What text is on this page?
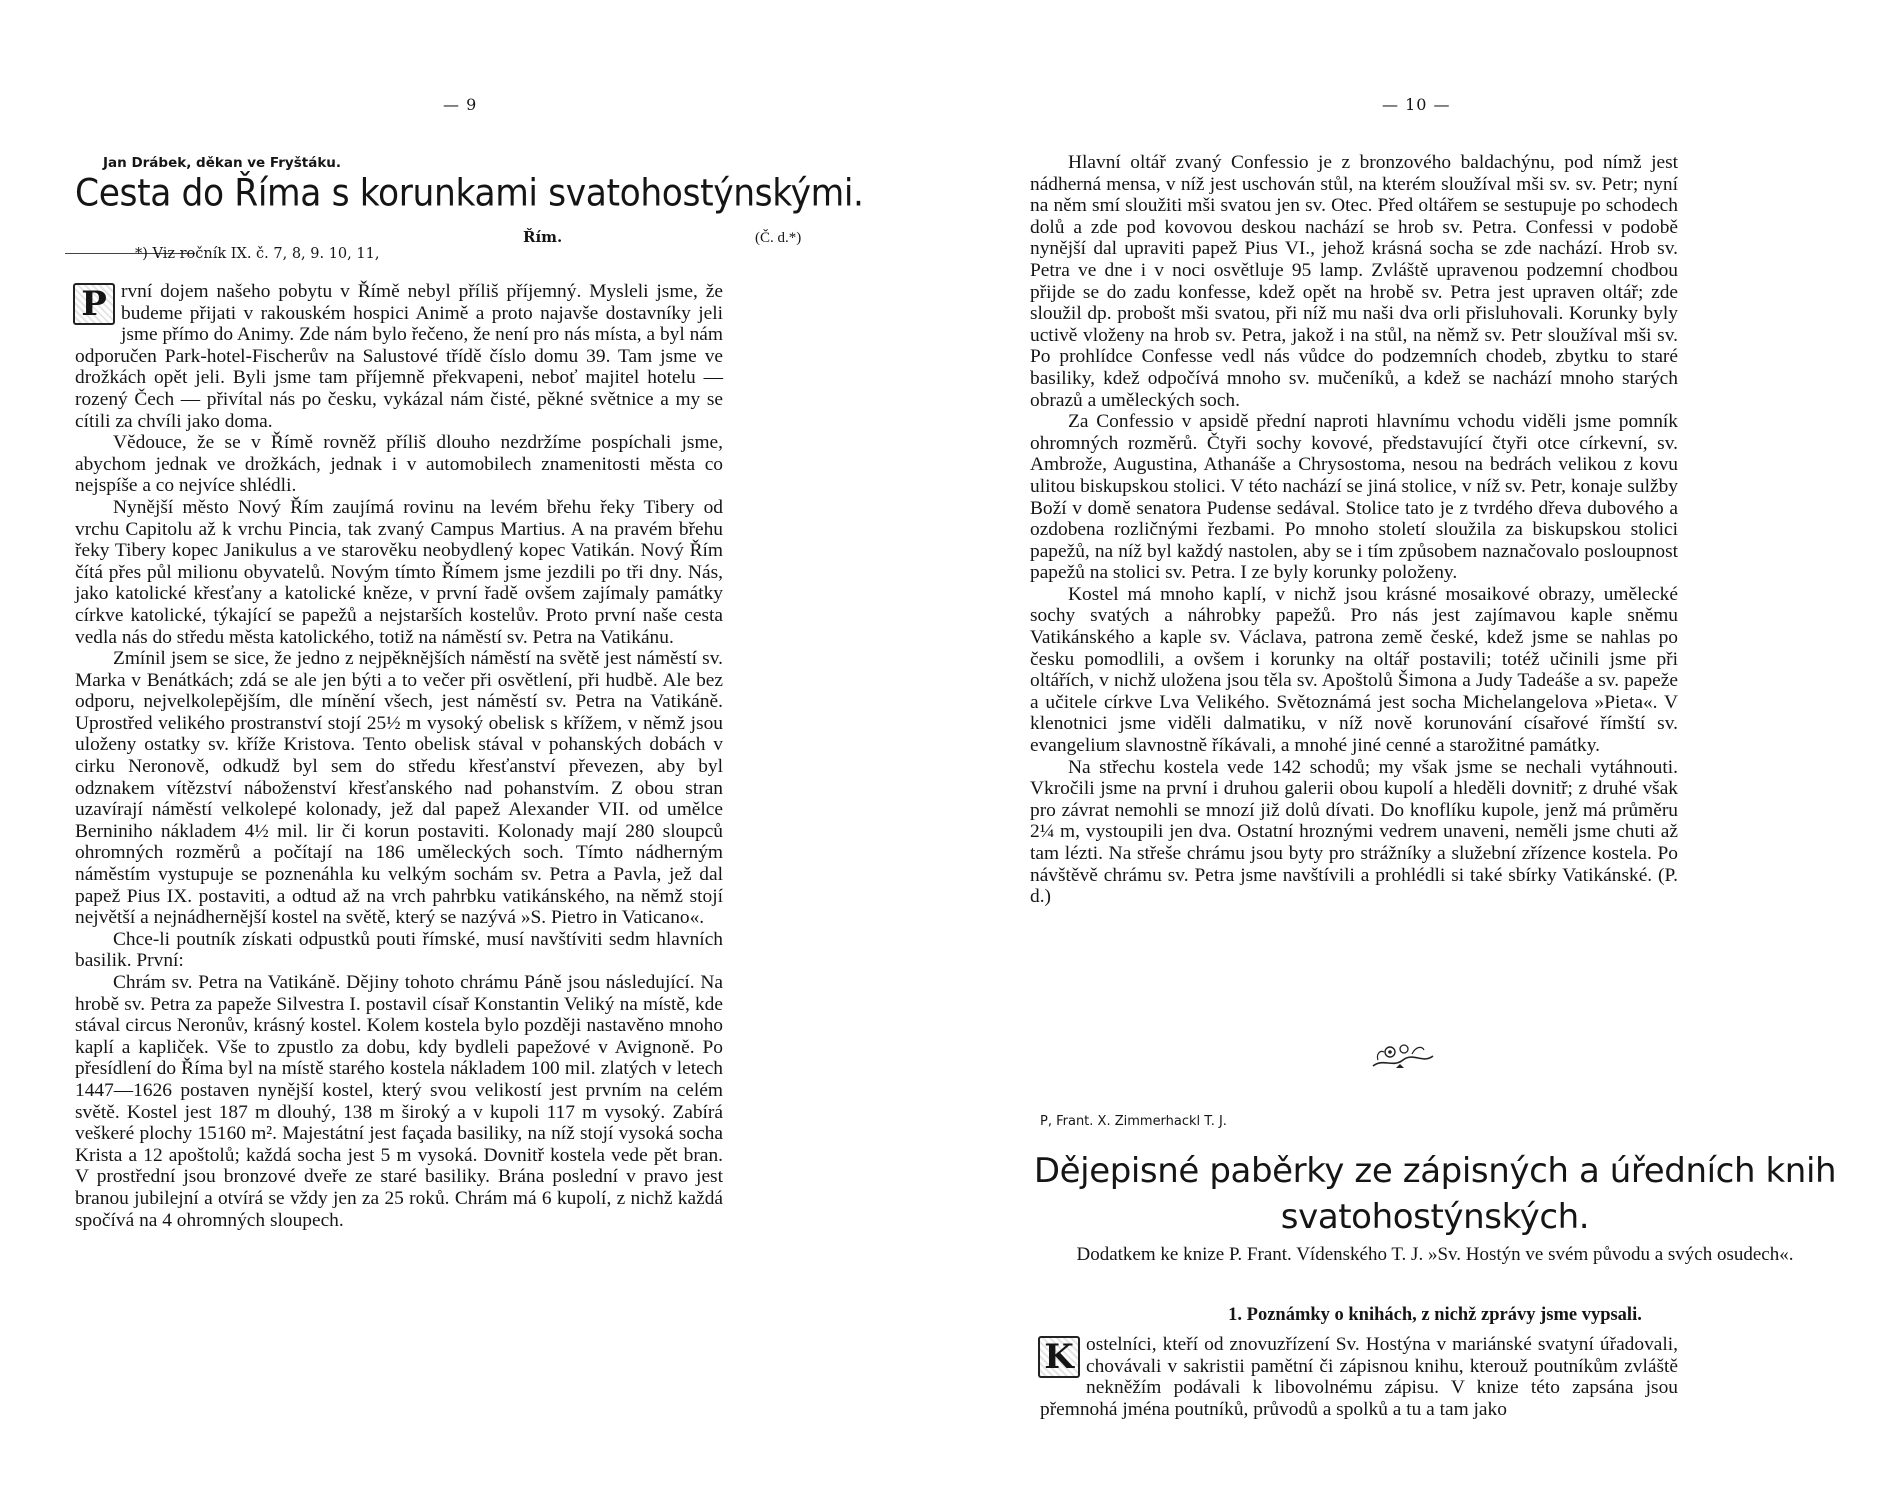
— 9
Jan Drábek, děkan ve Fryštáku.
Cesta do Říma s korunkami svatohostýnskými.
Řím.	(Č. d.*)
*) Viz ročník IX. č. 7, 8, 9. 10, 11,

P rvní dojem našeho pobytu v Římě nebyl příliš příjemný. Mysleli jsme, že budeme přijati v rakouském hospici Animě a proto najavše dostavníky jeli jsme přímo do Animy. Zde nám bylo řečeno, že není pro nás místa, a byl nám odporučen Park-hotel-Fischerův na Salustové třídě číslo domu 39. Tam jsme ve drožkách opět jeli. Byli jsme tam příjemně překvapeni, neboť majitel hotelu — rozený Čech — přivítal nás po česku, vykázal nám čisté, pěkné světnice a my se cítili za chvíli jako doma.

Vědouce, že se v Římě rovněž příliš dlouho nezdržíme pospíchali jsme, abychom jednak ve drožkách, jednak i v automobilech znamenitosti města co nejspíše a co nejvíce shlédli.

Nynější město Nový Řím zaujímá rovinu na levém břehu řeky Tibery od vrchu Capitolu až k vrchu Pincia, tak zvaný Campus Martius. A na pravém břehu řeky Tibery kopec Janikulus a ve starověku neobydlený kopec Vatikán. Nový Řím čítá přes půl milionu obyvatelů. Novým tímto Římem jsme jezdili po tři dny. Nás, jako katolické křesťany a katolické kněze, v první řadě ovšem zajímaly památky církve katolické, týkající se papežů a nejstarších kostelův. Proto první naše cesta vedla nás do středu města katolického, totiž na náměstí sv. Petra na Vatikánu.

Zmínil jsem se sice, že jedno z nejpěknějších náměstí na světě jest náměstí sv. Marka v Benátkách; zdá se ale jen býti a to večer při osvětlení, při hudbě. Ale bez odporu, nejvelkolepějším, dle mínění všech, jest náměstí sv. Petra na Vatikáně. Uprostřed velikého prostranství stojí 25½ m vysoký obelisk s křížem, v němž jsou uloženy ostatky sv. kříže Kristova. Tento obelisk stával v pohanských dobách v cirku Neronově, odkudž byl sem do středu křesťanství převezen, aby byl odznakem vítězství náboženství křesťanského nad pohanstvím. Z obou stran uzavírají náměstí velkolepé kolonady, jež dal papež Alexander VII. od umělce Berniniho nákladem 4½ mil. lir či korun postaviti. Kolonady mají 280 sloupců ohromných rozměrů a počítají na 186 uměleckých soch. Tímto nádherným náměstím vystupuje se poznenáhla ku velkým sochám sv. Petra a Pavla, jež dal papež Pius IX. postaviti, a odtud až na vrch pahrbku vatikánského, na němž stojí největší a nejnádhernější kostel na světě, který se nazývá »S. Pietro in Vaticano«.

Chce-li poutník získati odpustků pouti římské, musí navštíviti sedm hlavních basilik. První:

Chrám sv. Petra na Vatikáně. Dějiny tohoto chrámu Páně jsou následující. Na hrobě sv. Petra za papeže Silvestra I. postavil císař Konstantin Veliký na místě, kde stával circus Neronův, krásný kostel. Kolem kostela bylo později nastavěno mnoho kaplí a kapliček. Vše to zpustlo za dobu, kdy bydleli papežové v Avignoně. Po přesídlení do Říma byl na místě starého kostela nákladem 100 mil. zlatých v letech 1447—1626 postaven nynější kostel, který svou velikostí jest prvním na celém světě. Kostel jest 187 m dlouhý, 138 m široký a v kupoli 117 m vysoký. Zabírá veškeré plochy 15160 m². Majestátní jest façada basiliky, na níž stojí vysoká socha Krista a 12 apoštolů; každá socha jest 5 m vysoká. Dovnitř kostela vede pět bran. V prostřední jsou bronzové dveře ze staré basiliky. Brána poslední v pravo jest branou jubilejní a otvírá se vždy jen za 25 roků. Chrám má 6 kupolí, z nichž každá spočívá na 4 ohromných sloupech.

— 10 —

Hlavní oltář zvaný Confessio je z bronzového baldachýnu, pod nímž jest nádherná mensa, v níž jest uschován stůl, na kterém sloužíval mši sv. sv. Petr; nyní na něm smí sloužiti mši svatou jen sv. Otec. Před oltářem se sestupuje po schodech dolů a zde pod kovovou deskou nachází se hrob sv. Petra. Confessi v podobě nynější dal upraviti papež Pius VI., jehož krásná socha se zde nachází. Hrob sv. Petra ve dne i v noci osvětluje 95 lamp. Zvláště upravenou podzemní chodbou přijde se do zadu konfesse, kdež opět na hrobě sv. Petra jest upraven oltář; zde sloužil dp. probošt mši svatou, při níž mu naši dva orli přisluhovali. Korunky byly uctivě vloženy na hrob sv. Petra, jakož i na stůl, na němž sv. Petr sloužíval mši sv. Po prohlídce Confesse vedl nás vůdce do podzemních chodeb, zbytku to staré basiliky, kdež odpočívá mnoho sv. mučeníků, a kdež se nachází mnoho starých obrazů a uměleckých soch.

Za Confessio v apsidě přední naproti hlavnímu vchodu viděli jsme pomník ohromných rozměrů. Čtyři sochy kovové, představující čtyři otce církevní, sv. Ambrože, Augustina, Athanáše a Chrysostoma, nesou na bedrách velikou z kovu ulitou biskupskou stolici. V této nachází se jiná stolice, v níž sv. Petr, konaje sulžby Boží v domě senatora Pudense sedával. Stolice tato je z tvrdého dřeva dubového a ozdobena rozličnými řezbami. Po mnoho století sloužila za biskupskou stolici papežů, na níž byl každý nastolen, aby se i tím způsobem naznačovalo posloupnost papežů na stolici sv. Petra. I ze byly korunky položeny.

Kostel má mnoho kaplí, v nichž jsou krásné mosaikové obrazy, umělecké sochy svatých a náhrobky papežů. Pro nás jest zajímavou kaple sněmu Vatikánského a kaple sv. Václava, patrona země české, kdež jsme se nahlas po česku pomodlili, a ovšem i korunky na oltář postavili; totéž učinili jsme při oltářích, v nichž uložena jsou těla sv. Apoštolů Šimona a Judy Tadeáše a sv. papeže a učitele církve Lva Velikého. Světoznámá jest socha Michelangelova »Pieta«. V klenotnici jsme viděli dalmatiku, v níž nově korunování císařové římští sv. evangelium slavnostně říkávali, a mnohé jiné cenné a starožitné památky.

Na střechu kostela vede 142 schodů; my však jsme se nechali vytáhnouti. Vkročili jsme na první i druhou galerii obou kupolí a hleděli dovnitř; z druhé však pro závrat nemohli se mnozí již dolů dívati. Do knoflíku kupole, jenž má průměru 2¼ m, vystoupili jen dva. Ostatní hroznými vedrem unaveni, neměli jsme chuti až tam lézti. Na střeše chrámu jsou byty pro strážníky a služební zřízence kostela. Po návštěvě chrámu sv. Petra jsme navštívili a prohlédli si také sbírky Vatikánské. (P. d.)

P, Frant. X. Zimmerhackl T. J.
Dějepisné paběrky ze zápisných a úředních knih svatohostýnských.
Dodatkem ke knize P. Frant. Vídenského T. J. »Sv. Hostýn ve svém původu a svých osudech«.
1. Poznámky o knihách, z nichž zprávy jsme vypsali.

K ostelníci, kteří od znovuzřízení Sv. Hostýna v mariánské svatyní úřadovali, chovávali v sakristii pamětní či zápisnou knihu, kterouž poutníkům zvláště nekněžím podávali k libovolnému zápisu. V knize této zapsána jsou přemnohá jména poutníků, průvodů a spolků a tu a tam jako
